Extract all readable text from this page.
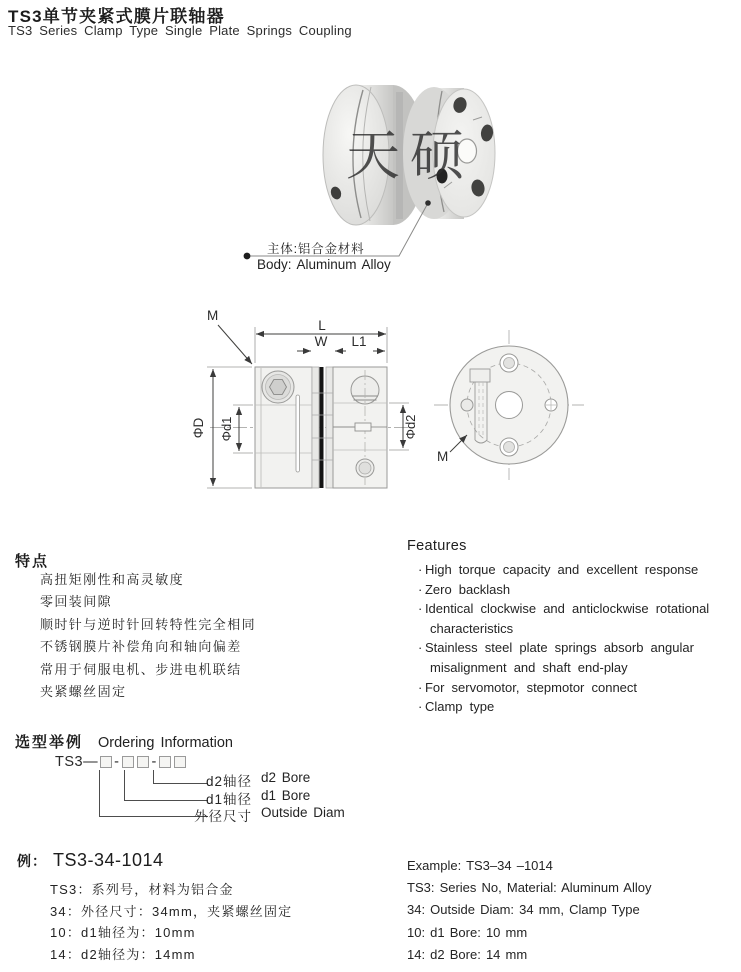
TS3单节夹紧式膜片联轴器
TS3 Series Clamp Type Single Plate Springs Coupling
天硕
主体:铝合金材料
Body: Aluminum Alloy
M
L
W L1
ΦD Φd1	Φd2
M
特点
高扭矩刚性和高灵敏度
零回装间隙
顺时针与逆时针回转特性完全相同
不锈钢膜片补偿角向和轴向偏差
常用于伺服电机、步进电机联结
夹紧螺丝固定
Features
· High torque capacity and excellent response
· Zero backlash
· Identical clockwise and anticlockwise rotational characteristics
· Stainless steel plate springs absorb angular misalignment and shaft end-play
· For servomotor, stepmotor connect
· Clamp type
选型举例 Ordering Information
TS3— - -
d2轴径 d2 Bore
d1轴径 d1 Bore
外径尺寸 Outside Diam
例： TS3-34-1014
TS3：系列号，材料为铝合金
34：外径尺寸：34mm，夹紧螺丝固定
10：d1轴径为：10mm
14：d2轴径为：14mm
Example: TS3–34 –1014
TS3: Series No, Material: Aluminum Alloy
34: Outside Diam: 34 mm, Clamp Type
10: d1 Bore: 10 mm
14: d2 Bore: 14 mm
